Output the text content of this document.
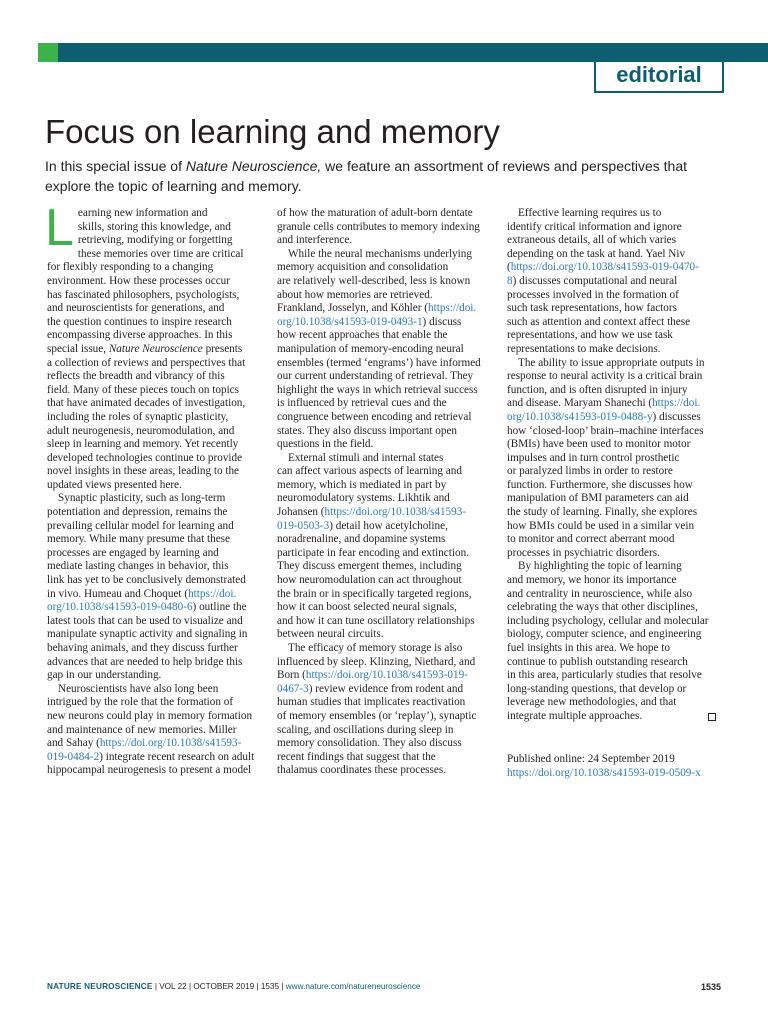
editorial
Focus on learning and memory

In this special issue of Nature Neuroscience, we feature an assortment of reviews and perspectives that explore the topic of learning and memory.

Learning new information and
skills, storing this knowledge, and
retrieving, modifying or forgetting
these memories over time are critical
for flexibly responding to a changing
environment. How these processes occur
has fascinated philosophers, psychologists,
and neuroscientists for generations, and
the question continues to inspire research
encompassing diverse approaches. In this
special issue, Nature Neuroscience presents
a collection of reviews and perspectives that
reflects the breadth and vibrancy of this
field. Many of these pieces touch on topics
that have animated decades of investigation,
including the roles of synaptic plasticity,
adult neurogenesis, neuromodulation, and
sleep in learning and memory. Yet recently
developed technologies continue to provide
novel insights in these areas, leading to the
updated views presented here.

Synaptic plasticity, such as long-term
potentiation and depression, remains the
prevailing cellular model for learning and
memory. While many presume that these
processes are engaged by learning and
mediate lasting changes in behavior, this
link has yet to be conclusively demonstrated
in vivo. Humeau and Choquet (https://doi.
org/10.1038/s41593-019-0480-6) outline the
latest tools that can be used to visualize and
manipulate synaptic activity and signaling in
behaving animals, and they discuss further
advances that are needed to help bridge this
gap in our understanding.

Neuroscientists have also long been
intrigued by the role that the formation of
new neurons could play in memory formation
and maintenance of new memories. Miller
and Sahay (https://doi.org/10.1038/s41593-
019-0484-2) integrate recent research on adult
hippocampal neurogenesis to present a model

of how the maturation of adult-born dentate
granule cells contributes to memory indexing
and interference.

While the neural mechanisms underlying
memory acquisition and consolidation
are relatively well-described, less is known
about how memories are retrieved.
Frankland, Josselyn, and Köhler (https://doi.
org/10.1038/s41593-019-0493-1) discuss
how recent approaches that enable the
manipulation of memory-encoding neural
ensembles (termed ‘engrams’) have informed
our current understanding of retrieval. They
highlight the ways in which retrieval success
is influenced by retrieval cues and the
congruence between encoding and retrieval
states. They also discuss important open
questions in the field.

External stimuli and internal states
can affect various aspects of learning and
memory, which is mediated in part by
neuromodulatory systems. Likhtik and
Johansen (https://doi.org/10.1038/s41593-
019-0503-3) detail how acetylcholine,
noradrenaline, and dopamine systems
participate in fear encoding and extinction.
They discuss emergent themes, including
how neuromodulation can act throughout
the brain or in specifically targeted regions,
how it can boost selected neural signals,
and how it can tune oscillatory relationships
between neural circuits.

The efficacy of memory storage is also
influenced by sleep. Klinzing, Niethard, and
Born (https://doi.org/10.1038/s41593-019-
0467-3) review evidence from rodent and
human studies that implicates reactivation
of memory ensembles (or ‘replay’), synaptic
scaling, and oscillations during sleep in
memory consolidation. They also discuss
recent findings that suggest that the
thalamus coordinates these processes.

Effective learning requires us to
identify critical information and ignore
extraneous details, all of which varies
depending on the task at hand. Yael Niv
(https://doi.org/10.1038/s41593-019-0470-
8) discusses computational and neural
processes involved in the formation of
such task representations, how factors
such as attention and context affect these
representations, and how we use task
representations to make decisions.

The ability to issue appropriate outputs in
response to neural activity is a critical brain
function, and is often disrupted in injury
and disease. Maryam Shanechi (https://doi.
org/10.1038/s41593-019-0488-y) discusses
how ‘closed-loop’ brain–machine interfaces
(BMIs) have been used to monitor motor
impulses and in turn control prosthetic
or paralyzed limbs in order to restore
function. Furthermore, she discusses how
manipulation of BMI parameters can aid
the study of learning. Finally, she explores
how BMIs could be used in a similar vein
to monitor and correct aberrant mood
processes in psychiatric disorders.

By highlighting the topic of learning
and memory, we honor its importance
and centrality in neuroscience, while also
celebrating the ways that other disciplines,
including psychology, cellular and molecular
biology, computer science, and engineering
fuel insights in this area. We hope to
continue to publish outstanding research
in this area, particularly studies that resolve
long-standing questions, that develop or
leverage new methodologies, and that
integrate multiple approaches.

Published online: 24 September 2019
https://doi.org/10.1038/s41593-019-0509-x
NATURE NEUROSCIENCE | VOL 22 | OCTOBER 2019 | 1535 | www.nature.com/natureneuroscience	1535
